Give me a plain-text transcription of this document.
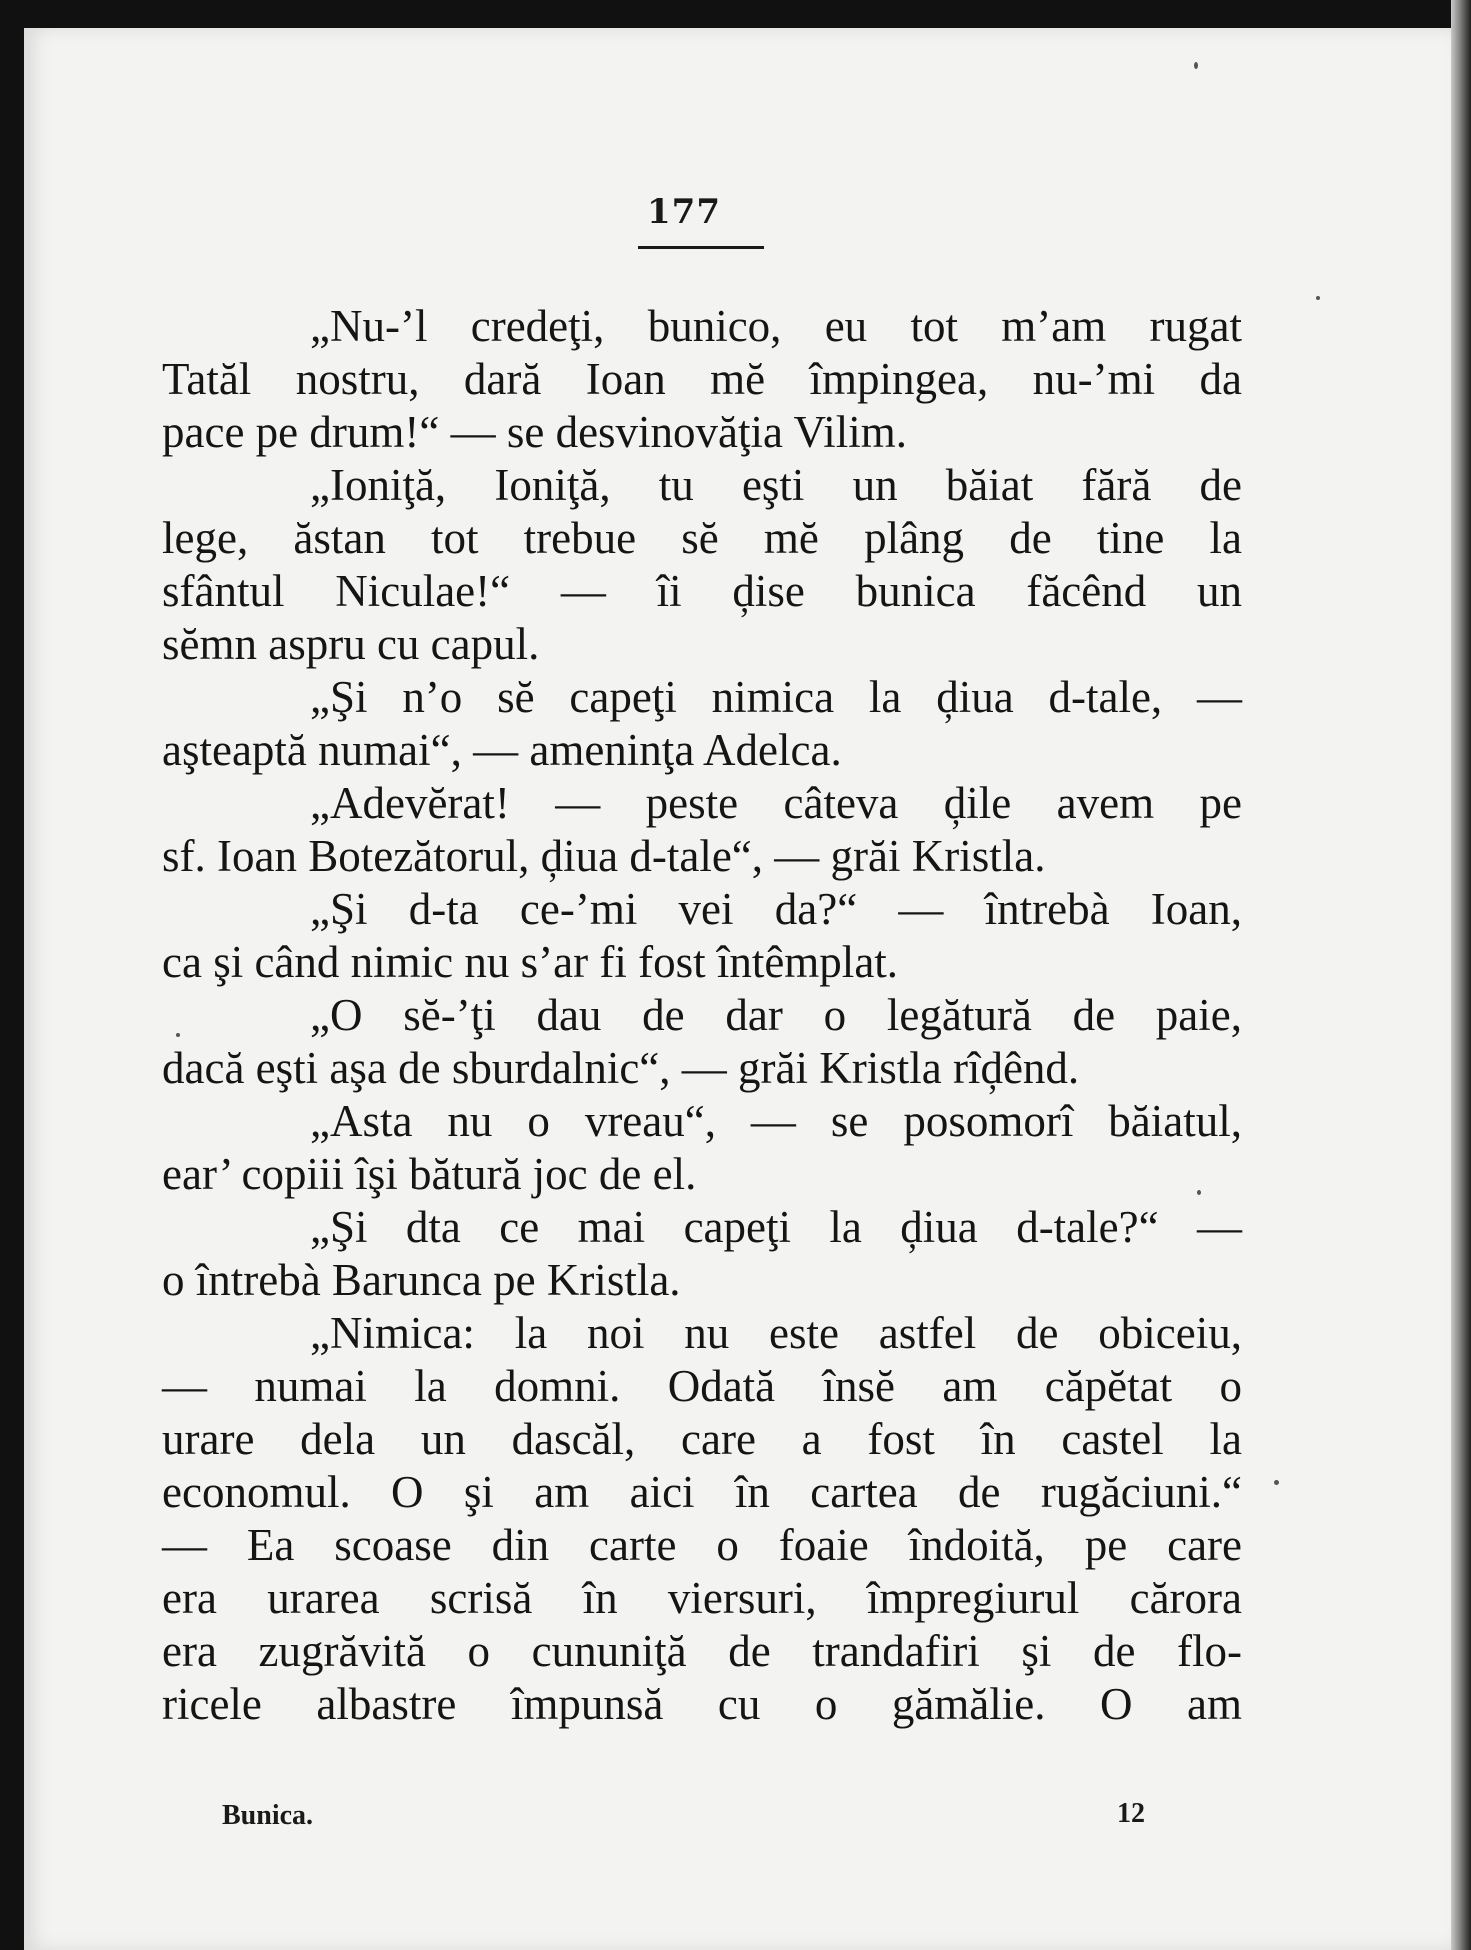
177
„Nu-’l credeţi, bunico, eu tot m’am rugat
Tatăl nostru, dară Ioan mĕ împingea, nu-’mi da
pace pe drum!“ — se desvinovăţia Vilim.
„Ioniţă, Ioniţă, tu eşti un băiat fără de
lege, ăstan tot trebue sĕ mĕ plâng de tine la
sfântul Niculae!“ — îi ḑise bunica făcênd un
sĕmn aspru cu capul.
„Şi n’o sĕ capeţi nimica la ḑiua d-tale, —
aşteaptă numai“, — ameninţa Adelca.
„Adevĕrat! — peste câteva ḑile avem pe
sf. Ioan Botezătorul, ḑiua d-tale“, — grăi Kristla.
„Şi d-ta ce-’mi vei da?“ — întrebà Ioan,
ca şi când nimic nu s’ar fi fost întêmplat.
„O sĕ-’ţi dau de dar o legătură de paie,
dacă eşti aşa de sburdalnic“, — grăi Kristla rîḑênd.
„Asta nu o vreau“, — se posomorî băiatul,
ear’ copiii îşi bătură joc de el.
„Şi dta ce mai capeţi la ḑiua d-tale?“ —
o întrebà Barunca pe Kristla.
„Nimica: la noi nu este astfel de obiceiu,
— numai la domni. Odată însĕ am căpĕtat o
urare dela un dascăl, care a fost în castel la
economul. O şi am aici în cartea de rugăciuni.“
— Ea scoase din carte o foaie îndoită, pe care
era urarea scrisă în viersuri, împregiurul cărora
era zugrăvită o cununiţă de trandafiri şi de flo-
ricele albastre împunsă cu o gămălie. O am
Bunica.	12
